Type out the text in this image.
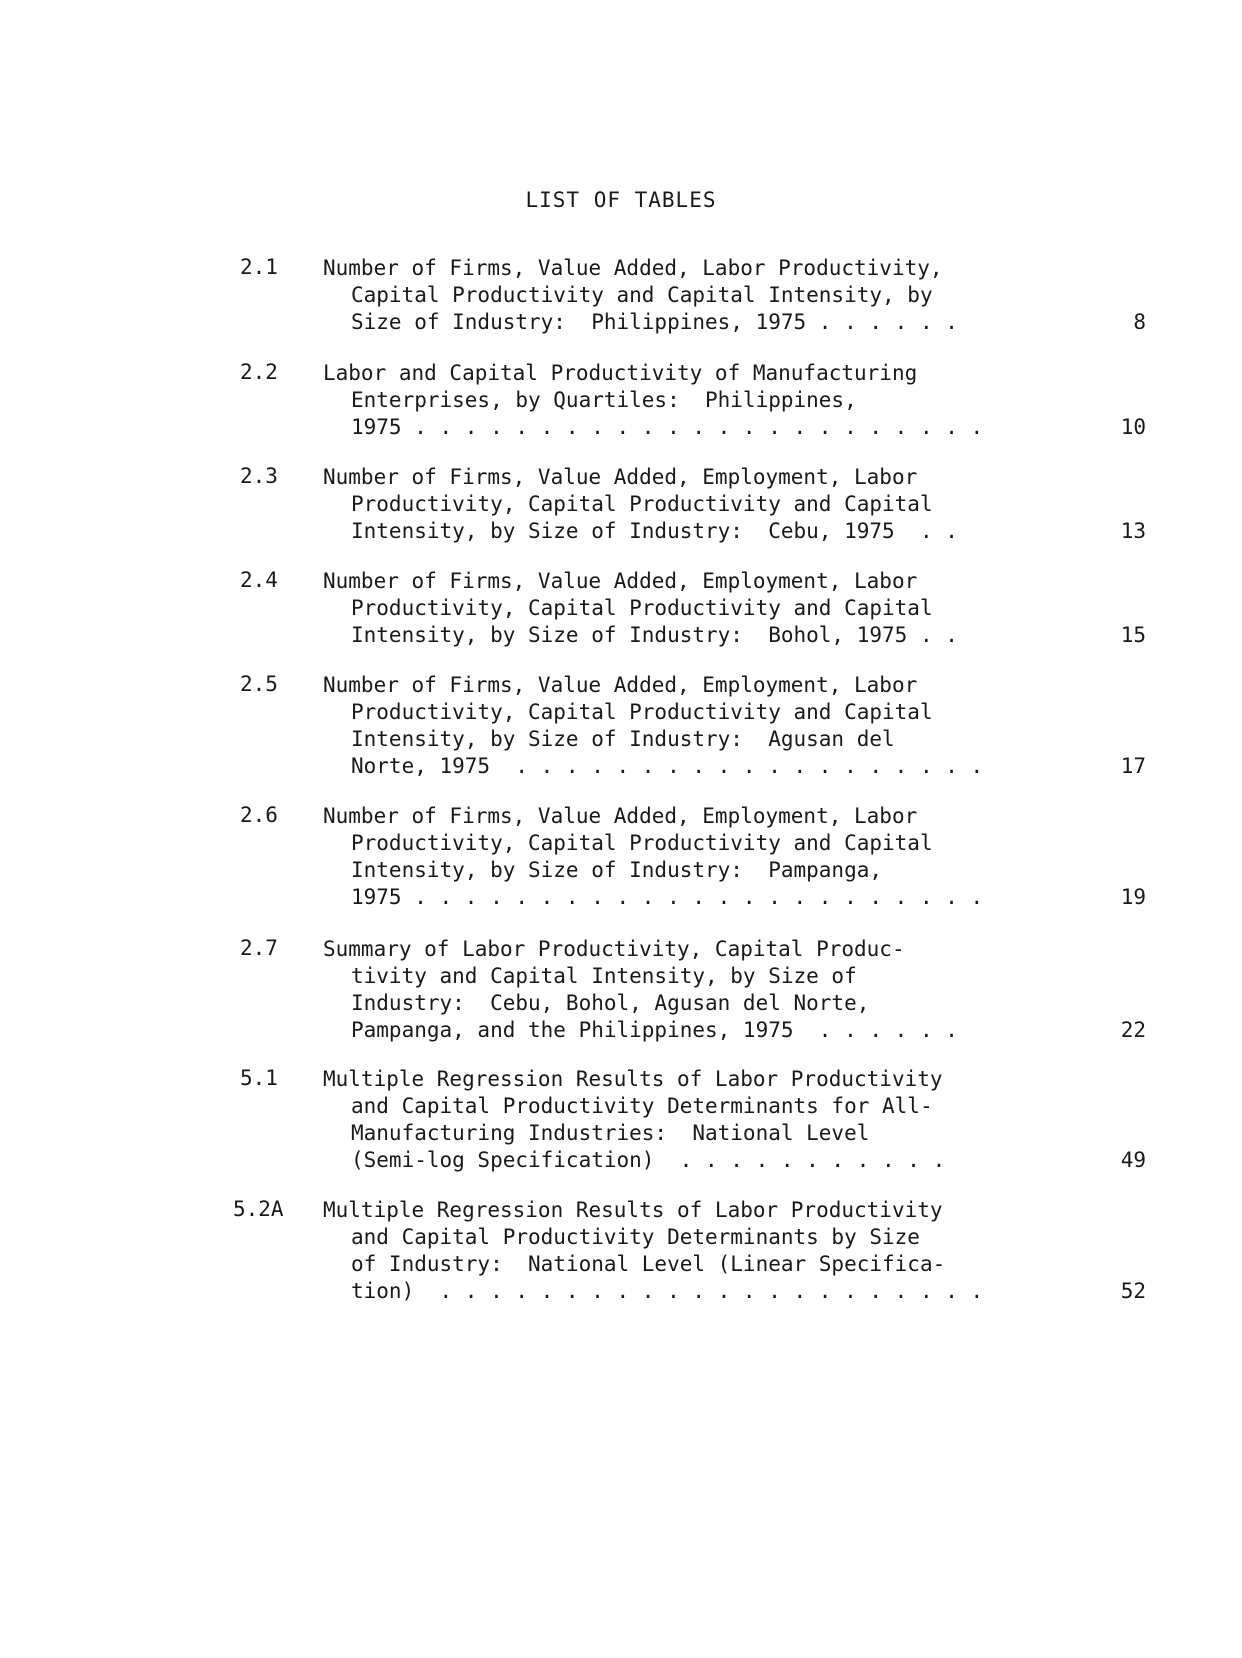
LIST OF TABLES
2.1 Number of Firms, Value Added, Labor Productivity,
Capital Productivity and Capital Intensity, by
Size of Industry:  Philippines, 1975 . . . . . .	8
2.2 Labor and Capital Productivity of Manufacturing
Enterprises, by Quartiles:  Philippines,
1975 . . . . . . . . . . . . . . . . . . . . . . .	10
2.3 Number of Firms, Value Added, Employment, Labor
Productivity, Capital Productivity and Capital
Intensity, by Size of Industry:  Cebu, 1975  . .	13
2.4 Number of Firms, Value Added, Employment, Labor
Productivity, Capital Productivity and Capital
Intensity, by Size of Industry:  Bohol, 1975 . .	15
2.5 Number of Firms, Value Added, Employment, Labor
Productivity, Capital Productivity and Capital
Intensity, by Size of Industry:  Agusan del
Norte, 1975  . . . . . . . . . . . . . . . . . . .	17
2.6 Number of Firms, Value Added, Employment, Labor
Productivity, Capital Productivity and Capital
Intensity, by Size of Industry:  Pampanga,
1975 . . . . . . . . . . . . . . . . . . . . . . .	19
2.7 Summary of Labor Productivity, Capital Produc-
tivity and Capital Intensity, by Size of
Industry:  Cebu, Bohol, Agusan del Norte,
Pampanga, and the Philippines, 1975  . . . . . .	22
5.1 Multiple Regression Results of Labor Productivity
and Capital Productivity Determinants for All-
Manufacturing Industries:  National Level
(Semi-log Specification)  . . . . . . . . . . .	49
5.2A Multiple Regression Results of Labor Productivity
and Capital Productivity Determinants by Size
of Industry:  National Level (Linear Specifica-
tion)  . . . . . . . . . . . . . . . . . . . . . .	52
